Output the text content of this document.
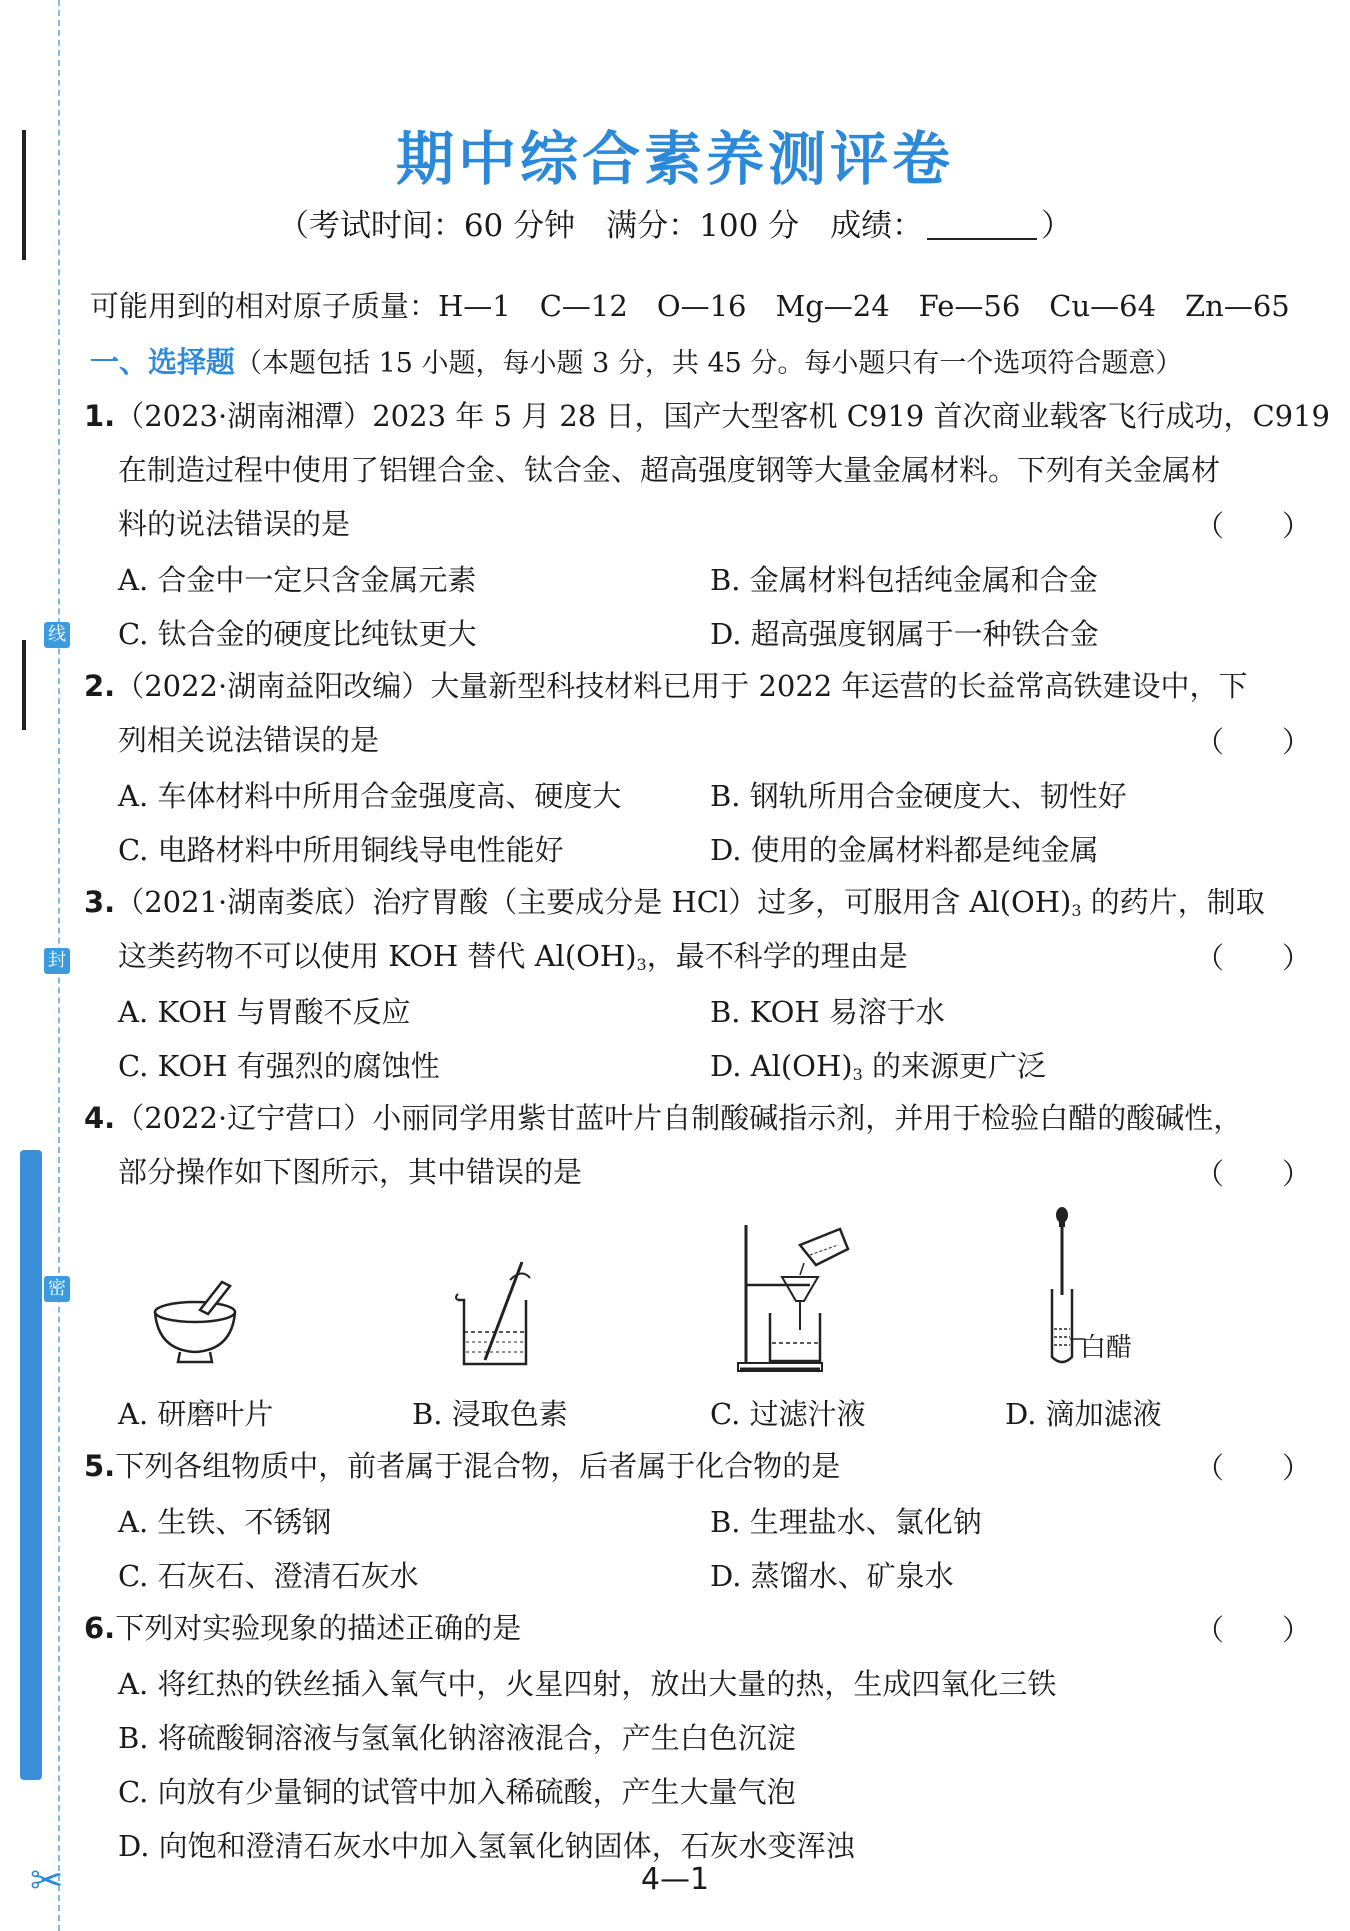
线
封
密
✂
期中综合素养测评卷
（考试时间：60 分钟　满分：100 分　成绩：	）
可能用到的相对原子质量：H—1　C—12　O—16　Mg—24　Fe—56　Cu—64　Zn—65
一、选择题（本题包括 15 小题，每小题 3 分，共 45 分。每小题只有一个选项符合题意）
1.（2023·湖南湘潭）2023 年 5 月 28 日，国产大型客机 C919 首次商业载客飞行成功，C919
在制造过程中使用了铝锂合金、钛合金、超高强度钢等大量金属材料。下列有关金属材
料的说法错误的是	（　　）
A. 合金中一定只含金属元素	B. 金属材料包括纯金属和合金
C. 钛合金的硬度比纯钛更大	D. 超高强度钢属于一种铁合金
2.（2022·湖南益阳改编）大量新型科技材料已用于 2022 年运营的长益常高铁建设中，下
列相关说法错误的是	（　　）
A. 车体材料中所用合金强度高、硬度大	B. 钢轨所用合金硬度大、韧性好
C. 电路材料中所用铜线导电性能好	D. 使用的金属材料都是纯金属
3.（2021·湖南娄底）治疗胃酸（主要成分是 HCl）过多，可服用含 $Al(OH)_3$ 的药片，制取
这类药物不可以使用 KOH 替代 $Al(OH)_3$，最不科学的理由是	（　　）
A. KOH 与胃酸不反应	B. KOH 易溶于水
C. KOH 有强烈的腐蚀性	D. $Al(OH)_3$ 的来源更广泛
4.（2022·辽宁营口）小丽同学用紫甘蓝叶片自制酸碱指示剂，并用于检验白醋的酸碱性，
部分操作如下图所示，其中错误的是	（　　）
白醋
A. 研磨叶片	B. 浸取色素	C. 过滤汁液	D. 滴加滤液
5.下列各组物质中，前者属于混合物，后者属于化合物的是	（　　）
A. 生铁、不锈钢	B. 生理盐水、氯化钠
C. 石灰石、澄清石灰水	D. 蒸馏水、矿泉水
6.下列对实验现象的描述正确的是	（　　）
A. 将红热的铁丝插入氧气中，火星四射，放出大量的热，生成四氧化三铁
B. 将硫酸铜溶液与氢氧化钠溶液混合，产生白色沉淀
C. 向放有少量铜的试管中加入稀硫酸，产生大量气泡
D. 向饱和澄清石灰水中加入氢氧化钠固体，石灰水变浑浊
4—1
